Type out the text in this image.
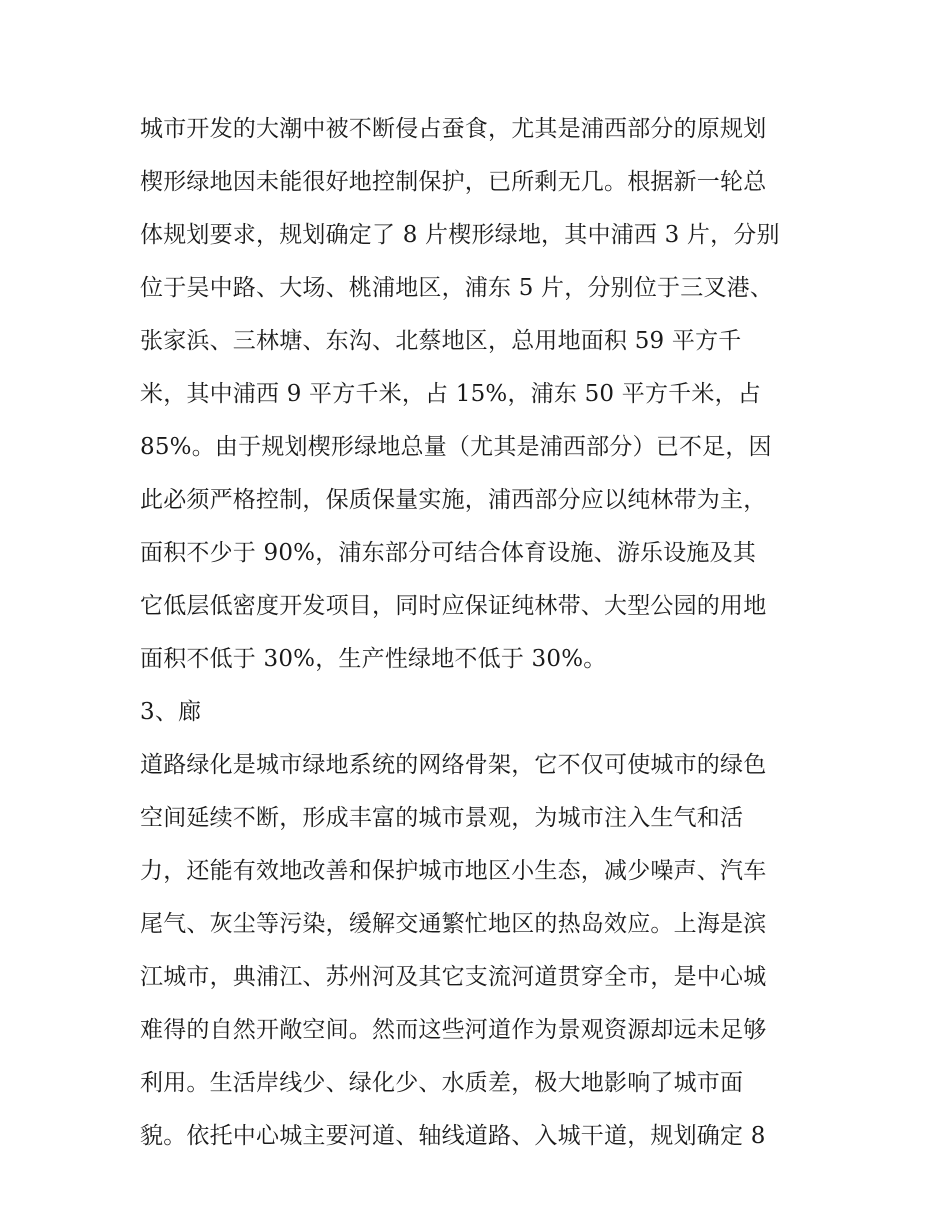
城市开发的大潮中被不断侵占蚕食，尤其是浦西部分的原规划
楔形绿地因未能很好地控制保护，已所剩无几。根据新一轮总
体规划要求，规划确定了 8 片楔形绿地，其中浦西 3 片，分别
位于吴中路、大场、桃浦地区，浦东 5 片，分别位于三叉港、
张家浜、三林塘、东沟、北蔡地区，总用地面积 59 平方千
米，其中浦西 9 平方千米，占 15%，浦东 50 平方千米，占
85%。由于规划楔形绿地总量（尤其是浦西部分）已不足，因
此必须严格控制，保质保量实施，浦西部分应以纯林带为主，
面积不少于 90%，浦东部分可结合体育设施、游乐设施及其
它低层低密度开发项目，同时应保证纯林带、大型公园的用地
面积不低于 30%，生产性绿地不低于 30%。
3、廊
道路绿化是城市绿地系统的网络骨架，它不仅可使城市的绿色
空间延续不断，形成丰富的城市景观，为城市注入生气和活
力，还能有效地改善和保护城市地区小生态，减少噪声、汽车
尾气、灰尘等污染，缓解交通繁忙地区的热岛效应。上海是滨
江城市，典浦江、苏州河及其它支流河道贯穿全市，是中心城
难得的自然开敞空间。然而这些河道作为景观资源却远未足够
利用。生活岸线少、绿化少、水质差，极大地影响了城市面
貌。依托中心城主要河道、轴线道路、入城干道，规划确定 8
